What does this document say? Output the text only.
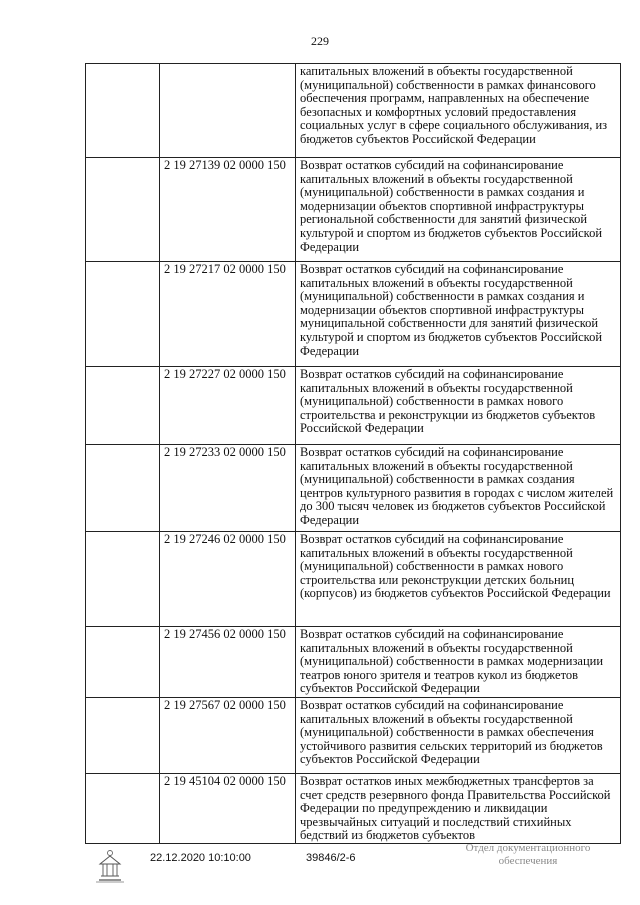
229
		капитальных вложений в объекты государственной (муниципальной) собственности в рамках финансового обеспечения программ, направленных на обеспечение безопасных и комфортных условий предоставления социальных услуг в сфере социального обслуживания, из бюджетов субъектов Российской Федерации
	2 19 27139 02 0000 150	Возврат остатков субсидий на софинансирование капитальных вложений в объекты государственной (муниципальной) собственности в рамках создания и модернизации объектов спортивной инфраструктуры региональной собственности для занятий физической культурой и спортом из бюджетов субъектов Российской Федерации
	2 19 27217 02 0000 150	Возврат остатков субсидий на софинансирование капитальных вложений в объекты государственной (муниципальной) собственности в рамках создания и модернизации объектов спортивной инфраструктуры муниципальной собственности для занятий физической культурой и спортом из бюджетов субъектов Российской Федерации
	2 19 27227 02 0000 150	Возврат остатков субсидий на софинансирование капитальных вложений в объекты государственной (муниципальной) собственности в рамках нового строительства и реконструкции из бюджетов субъектов Российской Федерации
	2 19 27233 02 0000 150	Возврат остатков субсидий на софинансирование капитальных вложений в объекты государственной (муниципальной) собственности в рамках создания центров культурного развития в городах с числом жителей до 300 тысяч человек из бюджетов субъектов Российской Федерации
	2 19 27246 02 0000 150	Возврат остатков субсидий на софинансирование капитальных вложений в объекты государственной (муниципальной) собственности в рамках нового строительства или реконструкции детских больниц (корпусов) из бюджетов субъектов Российской Федерации
	2 19 27456 02 0000 150	Возврат остатков субсидий на софинансирование капитальных вложений в объекты государственной (муниципальной) собственности в рамках модернизации театров юного зрителя и театров кукол из бюджетов субъектов Российской Федерации
	2 19 27567 02 0000 150	Возврат остатков субсидий на софинансирование капитальных вложений в объекты государственной (муниципальной) собственности в рамках обеспечения устойчивого развития сельских территорий из бюджетов субъектов Российской Федерации
	2 19 45104 02 0000 150	Возврат остатков иных межбюджетных трансфертов за счет средств резервного фонда Правительства Российской Федерации по предупреждению и ликвидации чрезвычайных ситуаций и последствий стихийных бедствий из бюджетов субъектов
22.12.2020 10:10:00	39846/2-6
Отдел документационного
обеспечения
